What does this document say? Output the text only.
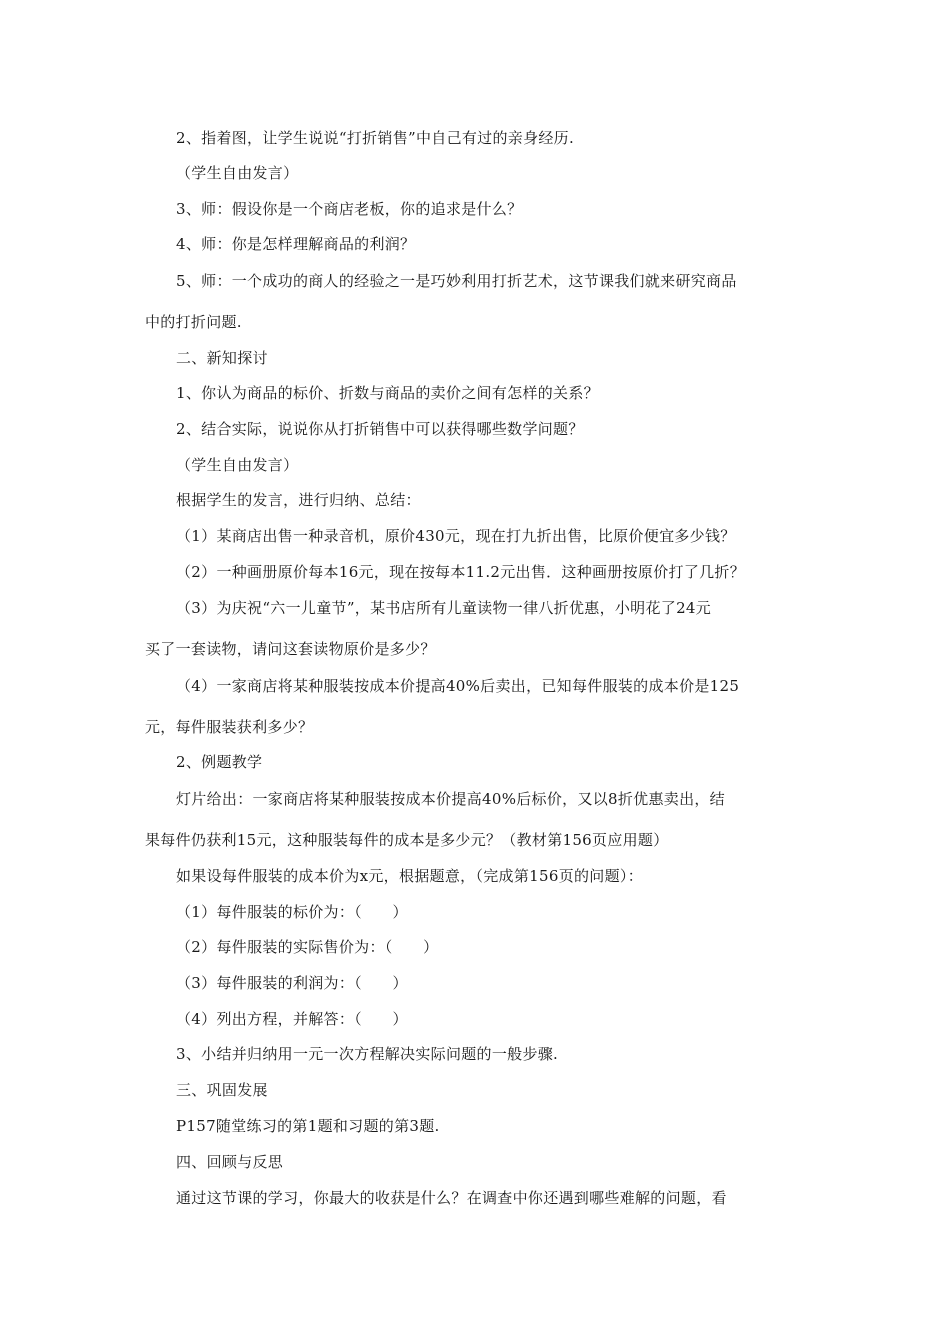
2、指着图，让学生说说“打折销售”中自己有过的亲身经历.
（学生自由发言）
3、师：假设你是一个商店老板，你的追求是什么？
4、师：你是怎样理解商品的利润？
5、师：一个成功的商人的经验之一是巧妙利用打折艺术，这节课我们就来研究商品
中的打折问题.
二、新知探讨
1、你认为商品的标价、折数与商品的卖价之间有怎样的关系？
2、结合实际，说说你从打折销售中可以获得哪些数学问题？
（学生自由发言）
根据学生的发言，进行归纳、总结：
（1）某商店出售一种录音机，原价430元，现在打九折出售，比原价便宜多少钱？
（2）一种画册原价每本16元，现在按每本11.2元出售．这种画册按原价打了几折？
（3）为庆祝“六一儿童节”，某书店所有儿童读物一律八折优惠，小明花了24元
买了一套读物，请问这套读物原价是多少？
（4）一家商店将某种服装按成本价提高40%后卖出，已知每件服装的成本价是125
元，每件服装获利多少？
2、例题教学
灯片给出：一家商店将某种服装按成本价提高40%后标价，又以8折优惠卖出，结
果每件仍获利15元，这种服装每件的成本是多少元？（教材第156页应用题）
如果设每件服装的成本价为x元，根据题意，（完成第156页的问题）：
（1）每件服装的标价为：（　　）
（2）每件服装的实际售价为：（　　）
（3）每件服装的利润为：（　　）
（4）列出方程，并解答：（　　）
3、小结并归纳用一元一次方程解决实际问题的一般步骤.
三、巩固发展
P157随堂练习的第1题和习题的第3题.
四、回顾与反思
通过这节课的学习，你最大的收获是什么？在调查中你还遇到哪些难解的问题，看
